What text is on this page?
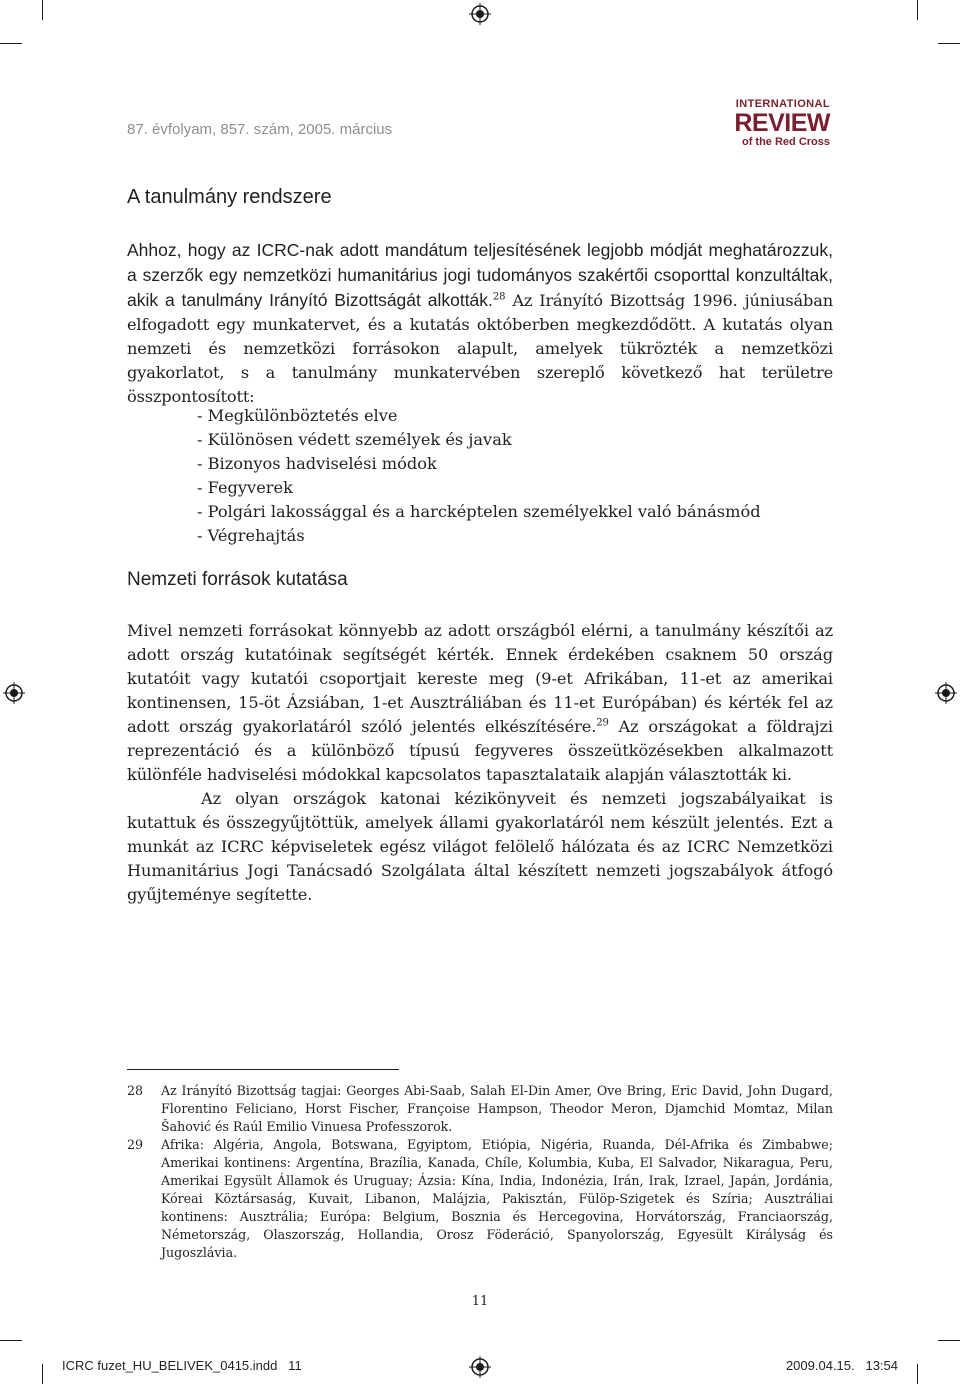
87. évfolyam, 857. szám, 2005. március
INTERNATIONAL
REVIEW
of the Red Cross
A tanulmány rendszere
Ahhoz, hogy az ICRC-nak adott mandátum teljesítésének legjobb módját meghatározzuk, a szerzők egy nemzetközi humanitárius jogi tudományos szakértői csoporttal konzultáltak, akik a tanulmány Irányító Bizottságát alkották.$^{28}$ Az Irányító Bizottság 1996. júniusában elfogadott egy munkatervet, és a kutatás októberben megkezdődött. A kutatás olyan nemzeti és nemzetközi forrásokon alapult, amelyek tükrözték a nemzetközi gyakorlatot, s a tanulmány munkatervében szereplő következő hat területre összpontosított:
- Megkülönböztetés elve
- Különösen védett személyek és javak
- Bizonyos hadviselési módok
- Fegyverek
- Polgári lakossággal és a harcképtelen személyekkel való bánásmód
- Végrehajtás
Nemzeti források kutatása
Mivel nemzeti forrásokat könnyebb az adott országból elérni, a tanulmány készítői az adott ország kutatóinak segítségét kérték. Ennek érdekében csaknem 50 ország kutatóit vagy kutatói csoportjait kereste meg (9-et Afrikában, 11-et az amerikai kontinensen, 15-öt Ázsiában, 1-et Ausztráliában és 11-et Európában) és kérték fel az adott ország gyakorlatáról szóló jelentés elkészítésére.$^{29}$ Az országokat a földrajzi reprezentáció és a különböző típusú fegyveres összeütközésekben alkalmazott különféle hadviselési módokkal kapcsolatos tapasztalataik alapján választották ki.
Az olyan országok katonai kézikönyveit és nemzeti jogszabályaikat is kutattuk és összegyűjtöttük, amelyek állami gyakorlatáról nem készült jelentés. Ezt a munkát az ICRC képviseletek egész világot felölelő hálózata és az ICRC Nemzetközi Humanitárius Jogi Tanácsadó Szolgálata által készített nemzeti jogszabályok átfogó gyűjteménye segítette.
28	Az Irányító Bizottság tagjai: Georges Abi-Saab, Salah El-Din Amer, Ove Bring, Eric David, John Dugard, Florentino Feliciano, Horst Fischer, Françoise Hampson, Theodor Meron, Djamchid Momtaz, Milan Šahović és Raúl Emilio Vinuesa Professzorok.
29	Afrika: Algéria, Angola, Botswana, Egyiptom, Etiópia, Nigéria, Ruanda, Dél-Afrika és Zimbabwe; Amerikai kontinens: Argentína, Brazília, Kanada, Chíle, Kolumbia, Kuba, El Salvador, Nikaragua, Peru, Amerikai Egysült Államok és Uruguay; Ázsia: Kína, India, Indonézia, Irán, Irak, Izrael, Japán, Jordánia, Kóreai Köztársaság, Kuvait, Libanon, Malájzia, Pakisztán, Fülöp-Szigetek és Szíria; Ausztráliai kontinens: Ausztrália; Európa: Belgium, Bosznia és Hercegovina, Horvátország, Franciaország, Németország, Olaszország, Hollandia, Orosz Föderáció, Spanyolország, Egyesült Királyság és Jugoszlávia.
11
ICRC fuzet_HU_BELIVEK_0415.indd   11	2009.04.15.   13:54
